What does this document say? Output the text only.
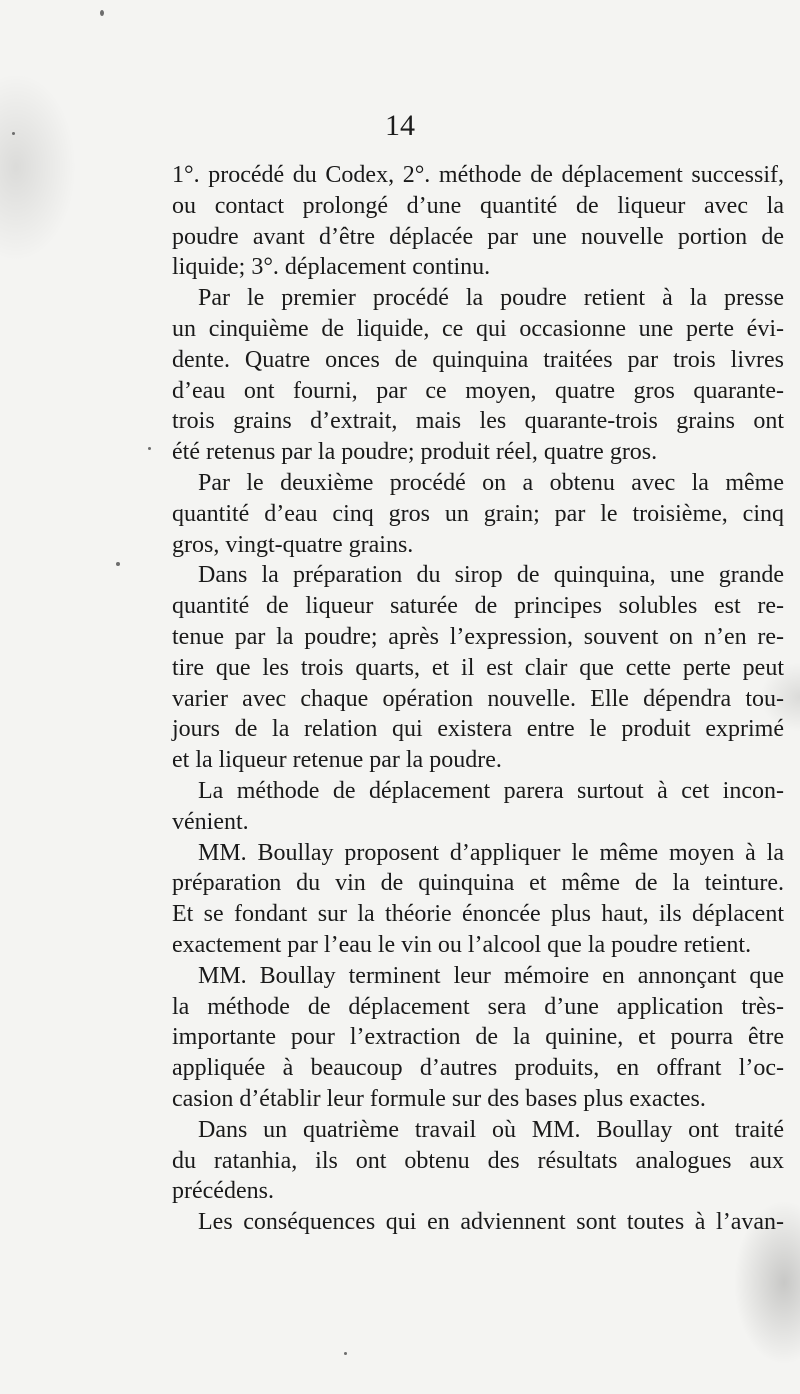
14
1°. procédé du Codex, 2°. méthode de déplacement successif,
ou contact prolongé d’une quantité de liqueur avec la
poudre avant d’être déplacée par une nouvelle portion de
liquide; 3°. déplacement continu.
Par le premier procédé la poudre retient à la presse
un cinquième de liquide, ce qui occasionne une perte évi-
dente. Quatre onces de quinquina traitées par trois livres
d’eau ont fourni, par ce moyen, quatre gros quarante-
trois grains d’extrait, mais les quarante-trois grains ont
été retenus par la poudre; produit réel, quatre gros.
Par le deuxième procédé on a obtenu avec la même
quantité d’eau cinq gros un grain; par le troisième, cinq
gros, vingt-quatre grains.
Dans la préparation du sirop de quinquina, une grande
quantité de liqueur saturée de principes solubles est re-
tenue par la poudre; après l’expression, souvent on n’en re-
tire que les trois quarts, et il est clair que cette perte peut
varier avec chaque opération nouvelle. Elle dépendra tou-
jours de la relation qui existera entre le produit exprimé
et la liqueur retenue par la poudre.
La méthode de déplacement parera surtout à cet incon-
vénient.
MM. Boullay proposent d’appliquer le même moyen à la
préparation du vin de quinquina et même de la teinture.
Et se fondant sur la théorie énoncée plus haut, ils déplacent
exactement par l’eau le vin ou l’alcool que la poudre retient.
MM. Boullay terminent leur mémoire en annonçant que
la méthode de déplacement sera d’une application très-
importante pour l’extraction de la quinine, et pourra être
appliquée à beaucoup d’autres produits, en offrant l’oc-
casion d’établir leur formule sur des bases plus exactes.
Dans un quatrième travail où MM. Boullay ont traité
du ratanhia, ils ont obtenu des résultats analogues aux
précédens.
Les conséquences qui en adviennent sont toutes à l’avan-
